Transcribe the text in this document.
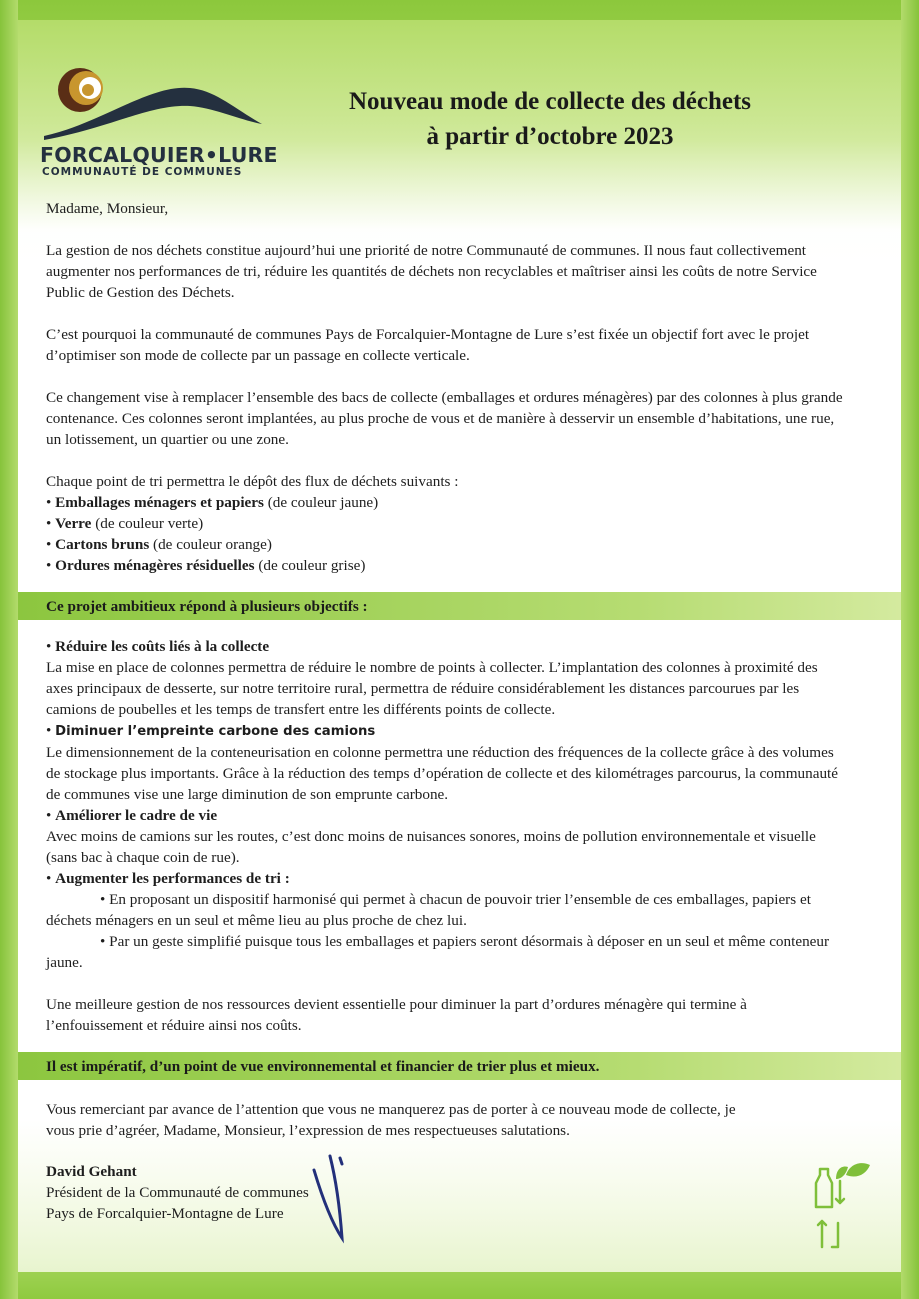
FORCALQUIER•LURE
COMMUNAUTÉ DE COMMUNES
Nouveau mode de collecte des déchets
à partir d’octobre 2023

Madame, Monsieur,

La gestion de nos déchets constitue aujourd’hui une priorité de notre Communauté de communes. Il nous faut collectivement augmenter nos performances de tri, réduire les quantités de déchets non recyclables et maîtriser ainsi les coûts de notre Service Public de Gestion des Déchets.

C’est pourquoi la communauté de communes Pays de Forcalquier-Montagne de Lure s’est fixée un objectif fort avec le projet d’optimiser son mode de collecte par un passage en collecte verticale.

Ce changement vise à remplacer l’ensemble des bacs de collecte (emballages et ordures ménagères) par des colonnes à plus grande contenance. Ces colonnes seront implantées, au plus proche de vous et de manière à desservir un ensemble d’habitations, une rue, un lotissement, un quartier ou une zone.

Chaque point de tri permettra le dépôt des flux de déchets suivants :

• Emballages ménagers et papiers (de couleur jaune)

• Verre (de couleur verte)

• Cartons bruns (de couleur orange)

• Ordures ménagères résiduelles (de couleur grise)

Ce projet ambitieux répond à plusieurs objectifs :

• Réduire les coûts liés à la collecte

La mise en place de colonnes permettra de réduire le nombre de points à collecter. L’implantation des colonnes à proximité des axes principaux de desserte, sur notre territoire rural, permettra de réduire considérablement les distances parcourues par les camions de poubelles et les temps de transfert entre les différents points de collecte.

• Diminuer l’empreinte carbone des camions

Le dimensionnement de la conteneurisation en colonne permettra une réduction des fréquences de la collecte grâce à des volumes de stockage plus importants. Grâce à la réduction des temps d’opération de collecte et des kilométrages parcourus, la communauté de communes vise une large diminution de son emprunte carbone.

• Améliorer le cadre de vie

Avec moins de camions sur les routes, c’est donc moins de nuisances sonores, moins de pollution environnementale et visuelle (sans bac à chaque coin de rue).

• Augmenter les performances de tri :

• En proposant un dispositif harmonisé qui permet à chacun de pouvoir trier l’ensemble de ces emballages, papiers et déchets ménagers en un seul et même lieu au plus proche de chez lui.

• Par un geste simplifié puisque tous les emballages et papiers seront désormais à déposer en un seul et même conteneur jaune.

Une meilleure gestion de nos ressources devient essentielle pour diminuer la part d’ordures ménagère qui termine à l’enfouissement et réduire ainsi nos coûts.

Il est impératif, d’un point de vue environnemental et financier de trier plus et mieux.

Vous remerciant par avance de l’attention que vous ne manquerez pas de porter à ce nouveau mode de collecte, je vous prie d’agréer, Madame, Monsieur, l’expression de mes respectueuses salutations.

David Gehant
Président de la Communauté de communes
Pays de Forcalquier-Montagne de Lure
